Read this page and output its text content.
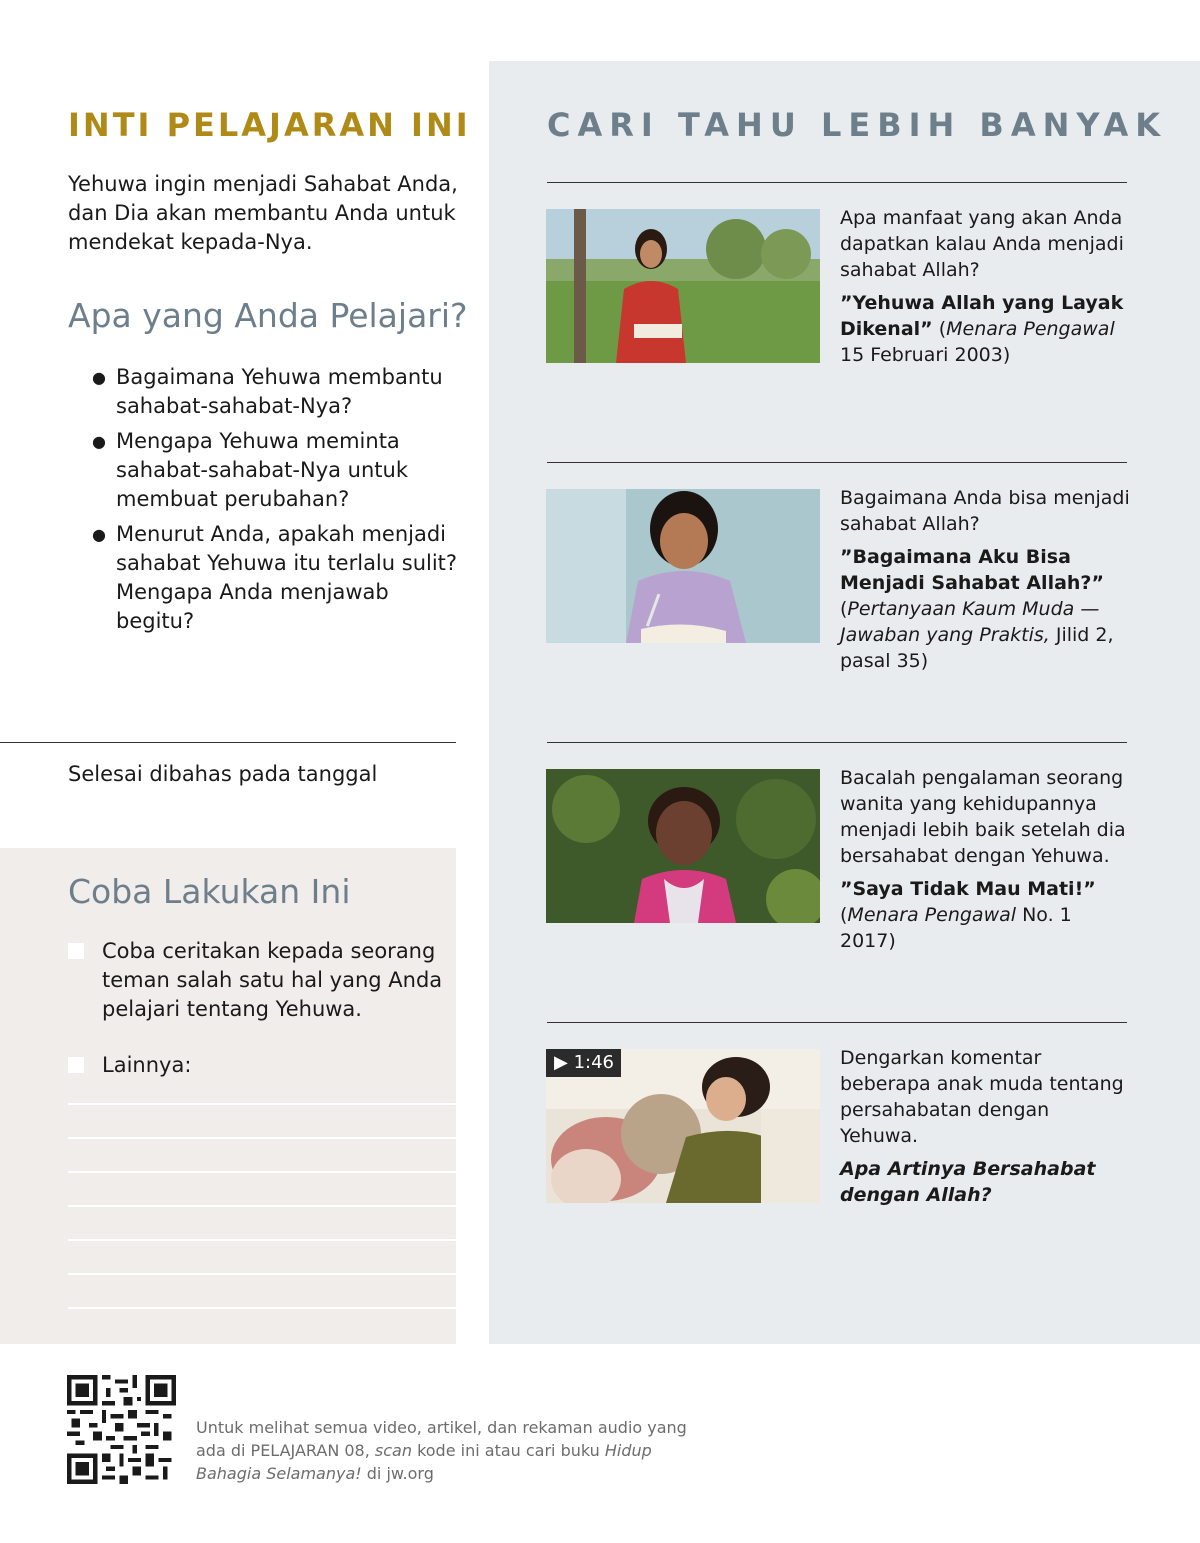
INTI PELAJARAN INI

Yehuwa ingin menjadi Sahabat Anda, dan Dia akan membantu Anda untuk mendekat kepada-Nya.

Apa yang Anda Pelajari?
● Bagaimana Yehuwa membantu sahabat-sahabat-Nya?
● Mengapa Yehuwa meminta sahabat-sahabat-Nya untuk membuat perubahan?
● Menurut Anda, apakah menjadi sahabat Yehuwa itu terlalu sulit? Mengapa Anda menjawab begitu?
Selesai dibahas pada tanggal
Coba Lakukan Ini
Coba ceritakan kepada seorang teman salah satu hal yang Anda pelajari tentang Yehuwa.
Lainnya:
CARI TAHU LEBIH BANYAK
Apa manfaat yang akan Anda dapatkan kalau Anda menjadi sahabat Allah?
”Yehuwa Allah yang Layak Dikenal” (Menara Pengawal 15 Februari 2003)
Bagaimana Anda bisa menjadi sahabat Allah?
”Bagaimana Aku Bisa Menjadi Sahabat Allah?” (Pertanyaan Kaum Muda —Jawaban yang Praktis, Jilid 2, pasal 35)
Bacalah pengalaman seorang wanita yang kehidupannya menjadi lebih baik setelah dia bersahabat dengan Yehuwa.
”Saya Tidak Mau Mati!” (Menara Pengawal No. 1 2017)
▶ 1:46	Dengarkan komentar beberapa anak muda tentang persahabatan dengan Yehuwa.
Apa Artinya Bersahabat dengan Allah?

Untuk melihat semua video, artikel, dan rekaman audio yang ada di PELAJARAN 08, scan kode ini atau cari buku Hidup Bahagia Selamanya! di jw.org
